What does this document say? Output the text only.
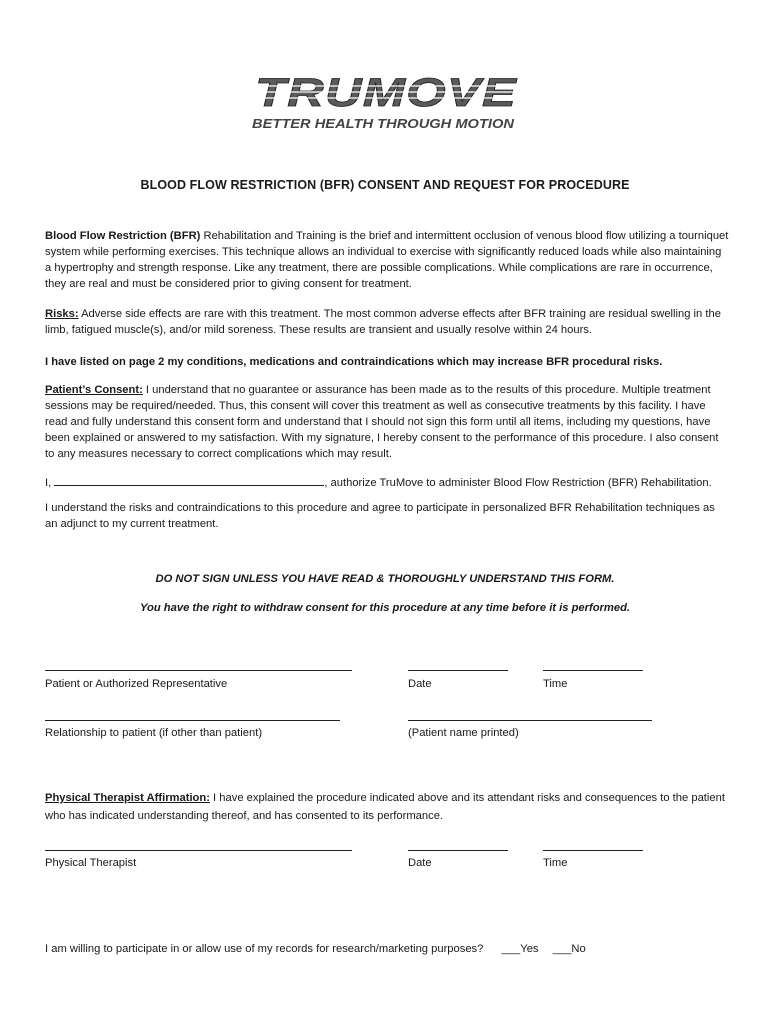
TRUMOVE
BETTER HEALTH THROUGH MOTION
BLOOD FLOW RESTRICTION (BFR) CONSENT AND REQUEST FOR PROCEDURE

Blood Flow Restriction (BFR) Rehabilitation and Training is the brief and intermittent occlusion of venous blood flow utilizing a tourniquet system while performing exercises. This technique allows an individual to exercise with significantly reduced loads while also maintaining a hypertrophy and strength response. Like any treatment, there are possible complications. While complications are rare in occurrence, they are real and must be considered prior to giving consent for treatment.

Risks: Adverse side effects are rare with this treatment. The most common adverse effects after BFR training are residual swelling in the limb, fatigued muscle(s), and/or mild soreness. These results are transient and usually resolve within 24 hours.

I have listed on page 2 my conditions, medications and contraindications which may increase BFR procedural risks.

Patient’s Consent: I understand that no guarantee or assurance has been made as to the results of this procedure. Multiple treatment sessions may be required/needed. Thus, this consent will cover this treatment as well as consecutive treatments by this facility. I have read and fully understand this consent form and understand that I should not sign this form until all items, including my questions, have been explained or answered to my satisfaction. With my signature, I hereby consent to the performance of this procedure. I also consent to any measures necessary to correct complications which may result.

I,	, authorize TruMove to administer Blood Flow Restriction (BFR) Rehabilitation.

I understand the risks and contraindications to this procedure and agree to participate in personalized BFR Rehabilitation techniques as an adjunct to my current treatment.

DO NOT SIGN UNLESS YOU HAVE READ & THOROUGHLY UNDERSTAND THIS FORM.
You have the right to withdraw consent for this procedure at any time before it is performed.
Patient or Authorized Representative	Date	Time
Relationship to patient (if other than patient)	(Patient name printed)

Physical Therapist Affirmation: I have explained the procedure indicated above and its attendant risks and consequences to the patient who has indicated understanding thereof, and has consented to its performance.

Physical Therapist	Date	Time
I am willing to participate in or allow use of my records for research/marketing purposes? ___Yes ___No
